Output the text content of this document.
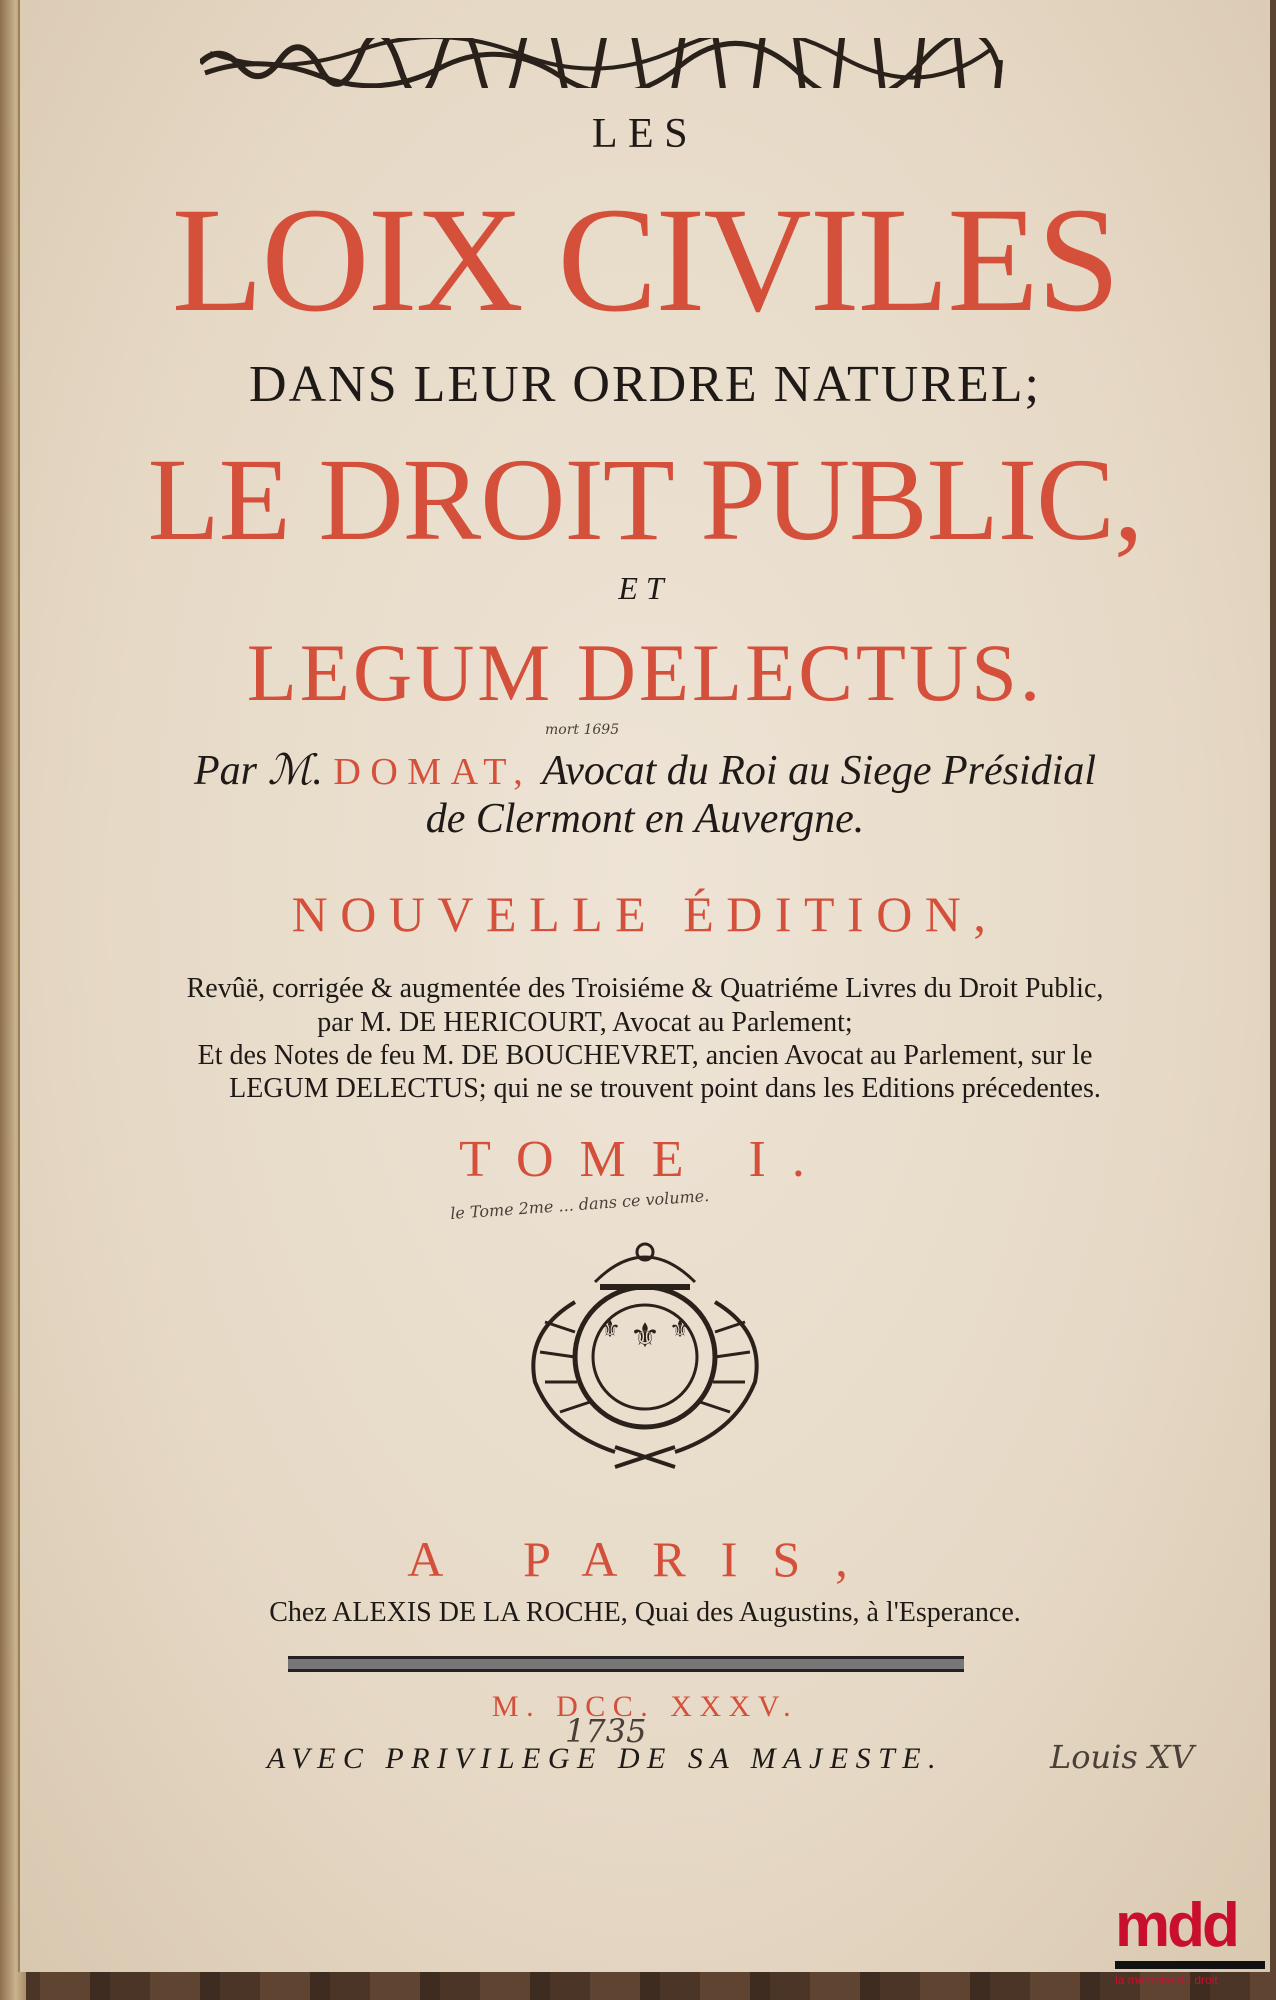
LES
LOIX CIVILES
DANS LEUR ORDRE NATUREL;
LE DROIT PUBLIC,
ET
LEGUM DELECTUS.
Par ℳ. DOMAT, Avocat du Roi au Siege Présidial
mort 1695
de Clermont en Auvergne.
NOUVELLE ÉDITION,
Revûë, corrigée & augmentée des Troisiéme & Quatriéme Livres du Droit Public,
par M. DE HERICOURT, Avocat au Parlement;
Et des Notes de feu M. DE BOUCHEVRET, ancien Avocat au Parlement, sur le
LEGUM DELECTUS; qui ne se trouvent point dans les Editions précedentes.
TOME I.
le Tome 2me ... dans ce volume.
⚜
⚜ ⚜
A PARIS,
Chez ALEXIS DE LA ROCHE, Quai des Augustins, à l'Esperance.
M. DCC. XXXV.
1735
AVEC PRIVILEGE DE SA MAJESTE.	Louis XV
mdd
la mémoire du droit
